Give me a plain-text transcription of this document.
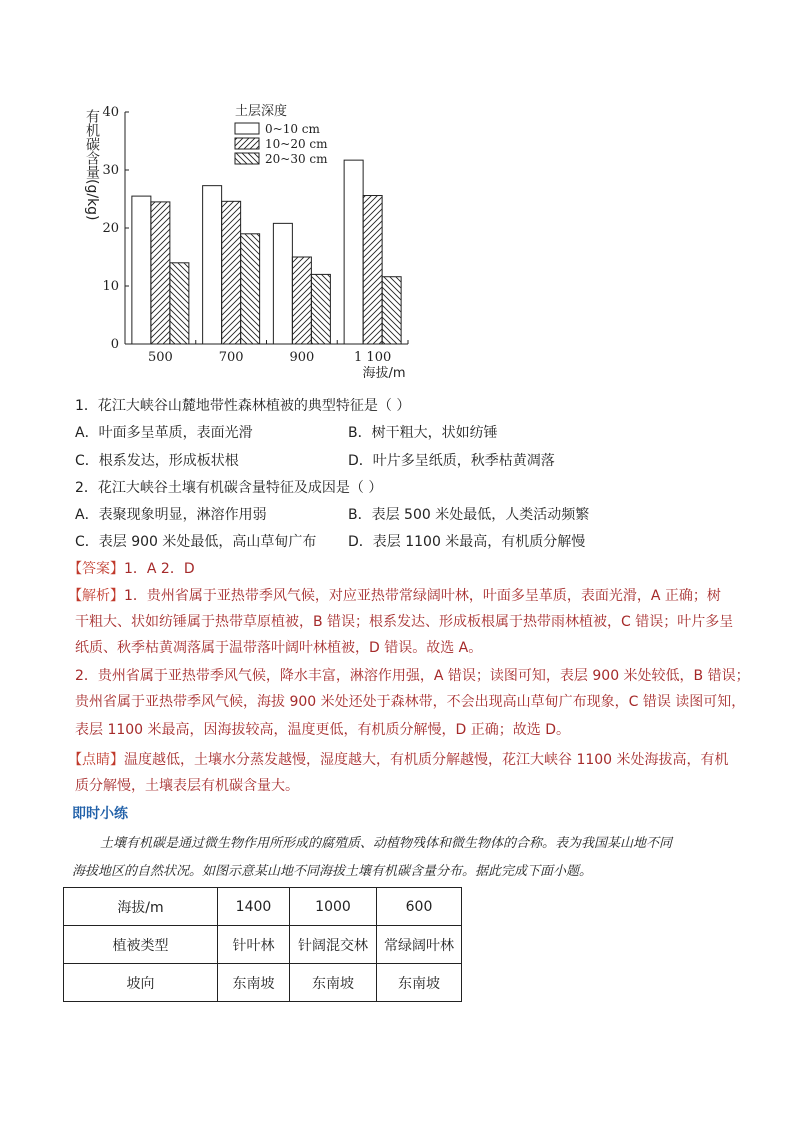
0
10
20
30
40
有机碳含量(g/kg)
500	700	900	1 100
海拔/m
土层深度
0~10 cm
10~20 cm
20~30 cm
1．花江大峡谷山麓地带性森林植被的典型特征是（ ）
A．叶面多呈革质，表面光滑	B．树干粗大，状如纺锤
C．根系发达，形成板状根	D．叶片多呈纸质，秋季枯黄凋落
2．花江大峡谷土壤有机碳含量特征及成因是（ ）
A．表聚现象明显，淋溶作用弱	B．表层 500 米处最低，人类活动频繁
C．表层 900 米处最低，高山草甸广布 D．表层 1100 米最高，有机质分解慢
【答案】1．A 2．D
【解析】1．贵州省属于亚热带季风气候，对应亚热带常绿阔叶林，叶面多呈革质，表面光滑，A 正确；树
干粗大、状如纺锤属于热带草原植被，B 错误；根系发达、形成板根属于热带雨林植被，C 错误；叶片多呈
纸质、秋季枯黄凋落属于温带落叶阔叶林植被，D 错误。故选 A。
2．贵州省属于亚热带季风气候，降水丰富，淋溶作用强，A 错误；读图可知，表层 900 米处较低，B 错误；
贵州省属于亚热带季风气候，海拔 900 米处还处于森林带，不会出现高山草甸广布现象，C 错误 读图可知，
表层 1100 米最高，因海拔较高，温度更低，有机质分解慢，D 正确；故选 D。
【点睛】温度越低，土壤水分蒸发越慢，湿度越大，有机质分解越慢，花江大峡谷 1100 米处海拔高，有机
质分解慢，土壤表层有机碳含量大。
即时小练
土壤有机碳是通过微生物作用所形成的腐殖质、动植物残体和微生物体的合称。表为我国某山地不同
海拔地区的自然状况。如图示意某山地不同海拔土壤有机碳含量分布。据此完成下面小题。
海拔/m	1400	1000	600
植被类型	针叶林	针阔混交林	常绿阔叶林
坡向	东南坡	东南坡	东南坡
